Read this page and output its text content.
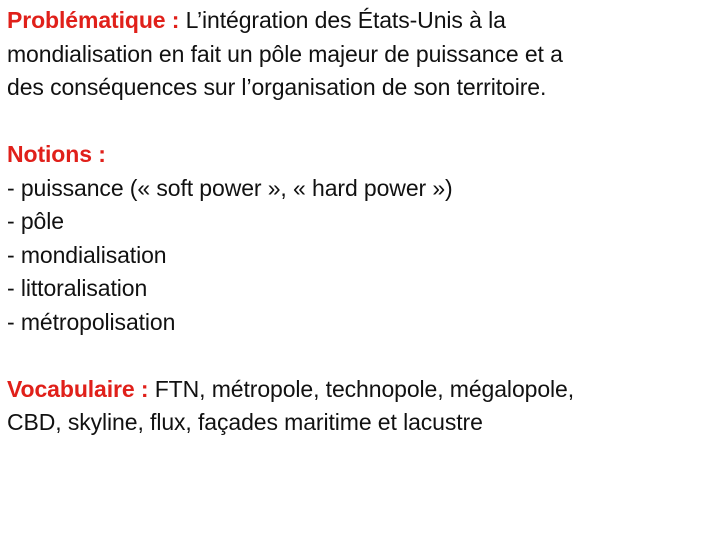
Problématique : L’intégration des États-Unis à la
mondialisation en fait un pôle majeur de puissance et a
des conséquences sur l’organisation de son territoire.
Notions :
- puissance (« soft power », « hard power »)
- pôle
- mondialisation
- littoralisation
- métropolisation
Vocabulaire : FTN, métropole, technopole, mégalopole,
CBD, skyline, flux, façades maritime et lacustre
